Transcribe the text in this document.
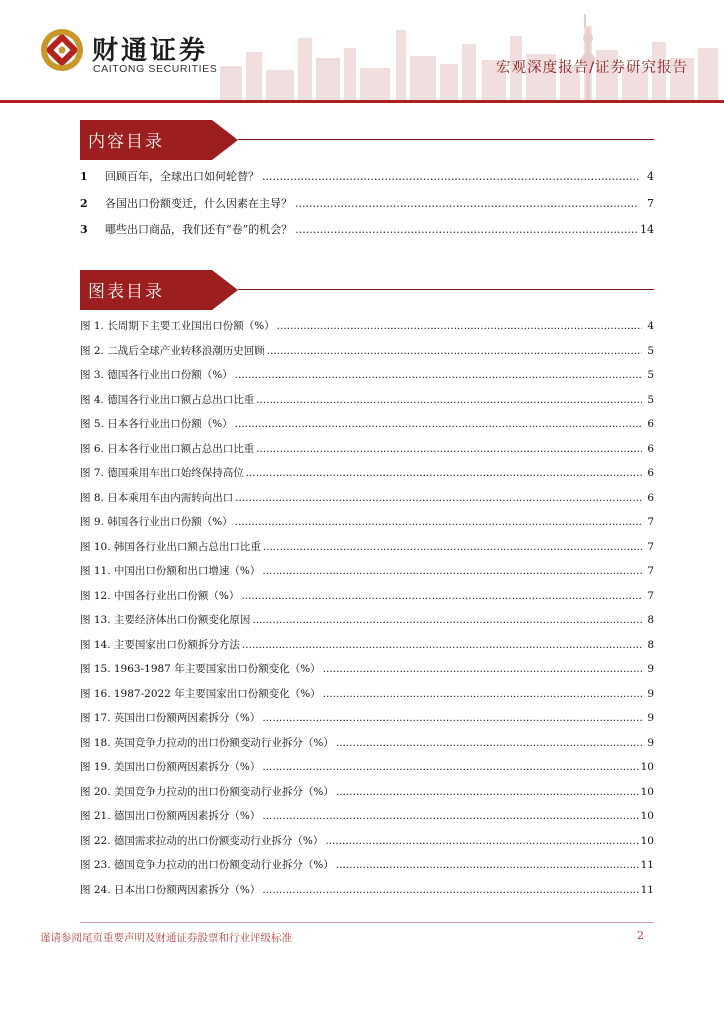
财通证券
CAITONG SECURITIES	宏观深度报告/证券研究报告
内容目录
1	回顾百年，全球出口如何轮替？ .....	4
2	各国出口份额变迁，什么因素在主导？ .....	7
3	哪些出口商品，我们还有“卷”的机会？ .....	14
图表目录
图 1. 长周期下主要工业国出口份额（%） .....	4
图 2. 二战后全球产业转移浪潮历史回顾 .....	5
图 3. 德国各行业出口份额（%） .....	5
图 4. 德国各行业出口额占总出口比重 .....	5
图 5. 日本各行业出口份额（%） .....	6
图 6. 日本各行业出口额占总出口比重 .....	6
图 7. 德国乘用车出口始终保持高位 .....	6
图 8. 日本乘用车由内需转向出口 .....	6
图 9. 韩国各行业出口份额（%） .....	7
图 10. 韩国各行业出口额占总出口比重 .....	7
图 11. 中国出口份额和出口增速（%） .....	7
图 12. 中国各行业出口份额（%） .....	7
图 13. 主要经济体出口份额变化原因 .....	8
图 14. 主要国家出口份额拆分方法 .....	8
图 15. 1963-1987 年主要国家出口份额变化（%） .....	9
图 16. 1987-2022 年主要国家出口份额变化（%） .....	9
图 17. 英国出口份额两因素拆分（%） .....	9
图 18. 英国竞争力拉动的出口份额变动行业拆分（%） .....	9
图 19. 美国出口份额两因素拆分（%） .....	10
图 20. 美国竞争力拉动的出口份额变动行业拆分（%） .....	10
图 21. 德国出口份额两因素拆分（%） .....	10
图 22. 德国需求拉动的出口份额变动行业拆分（%） .....	10
图 23. 德国竞争力拉动的出口份额变动行业拆分（%） .....	11
图 24. 日本出口份额两因素拆分（%） .....	11
谨请参阅尾页重要声明及财通证券股票和行业评级标准	2
